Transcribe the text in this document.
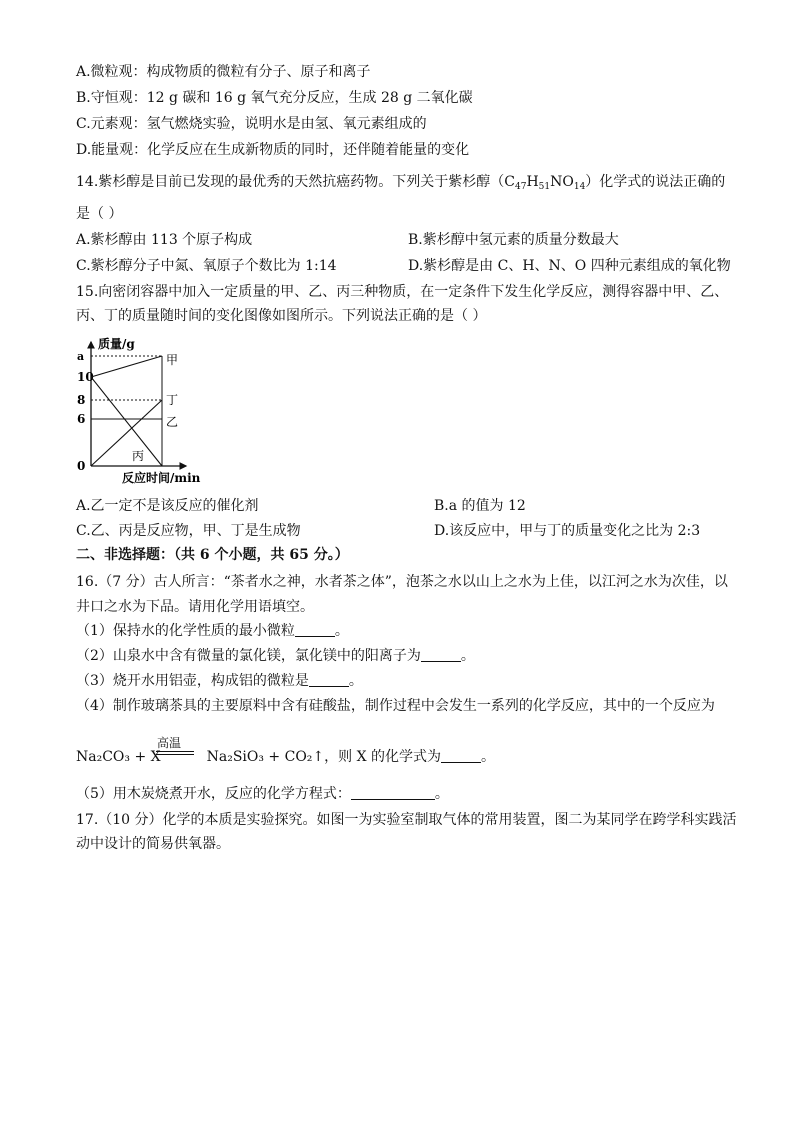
A.微粒观：构成物质的微粒有分子、原子和离子
B.守恒观：12 g 碳和 16 g 氧气充分反应，生成 28 g 二氧化碳
C.元素观：氢气燃烧实验，说明水是由氢、氧元素组成的
D.能量观：化学反应在生成新物质的同时，还伴随着能量的变化
14.紫杉醇是目前已发现的最优秀的天然抗癌药物。下列关于紫杉醇$(C_{47}H_{51}NO_{14})$化学式的说法正确的
是（ ）
A.紫杉醇由 113 个原子构成	B.紫杉醇中氢元素的质量分数最大
C.紫杉醇分子中氮、氧原子个数比为 1:14	D.紫杉醇是由 C、H、N、O 四种元素组成的氧化物
15.向密闭容器中加入一定质量的甲、乙、丙三种物质，在一定条件下发生化学反应，测得容器中甲、乙、
丙、丁的质量随时间的变化图像如图所示。下列说法正确的是（ ）
质量/g
反应时间/min
a
10
8
6
0
甲
丁
乙
丙
A.乙一定不是该反应的催化剂	B.a 的值为 12
C.乙、丙是反应物，甲、丁是生成物	D.该反应中，甲与丁的质量变化之比为 2:3
二、非选择题：（共 6 个小题，共 65 分。）
16.（7 分）古人所言：“茶者水之神，水者茶之体”，泡茶之水以山上之水为上佳，以江河之水为次佳，以
井口之水为下品。请用化学用语填空。
（1）保持水的化学性质的最小微粒	。
（2）山泉水中含有微量的氯化镁，氯化镁中的阳离子为	。
（3）烧开水用铝壶，构成铝的微粒是	。
（4）制作玻璃茶具的主要原料中含有硅酸盐，制作过程中会发生一系列的化学反应，其中的一个反应为
高温
Na₂CO₃ + X	Na₂SiO₃ + CO₂↑，则 X 的化学式为	。
（5）用木炭烧煮开水，反应的化学方程式：	。
17.（10 分）化学的本质是实验探究。如图一为实验室制取气体的常用装置，图二为某同学在跨学科实践活
动中设计的简易供氧器。
